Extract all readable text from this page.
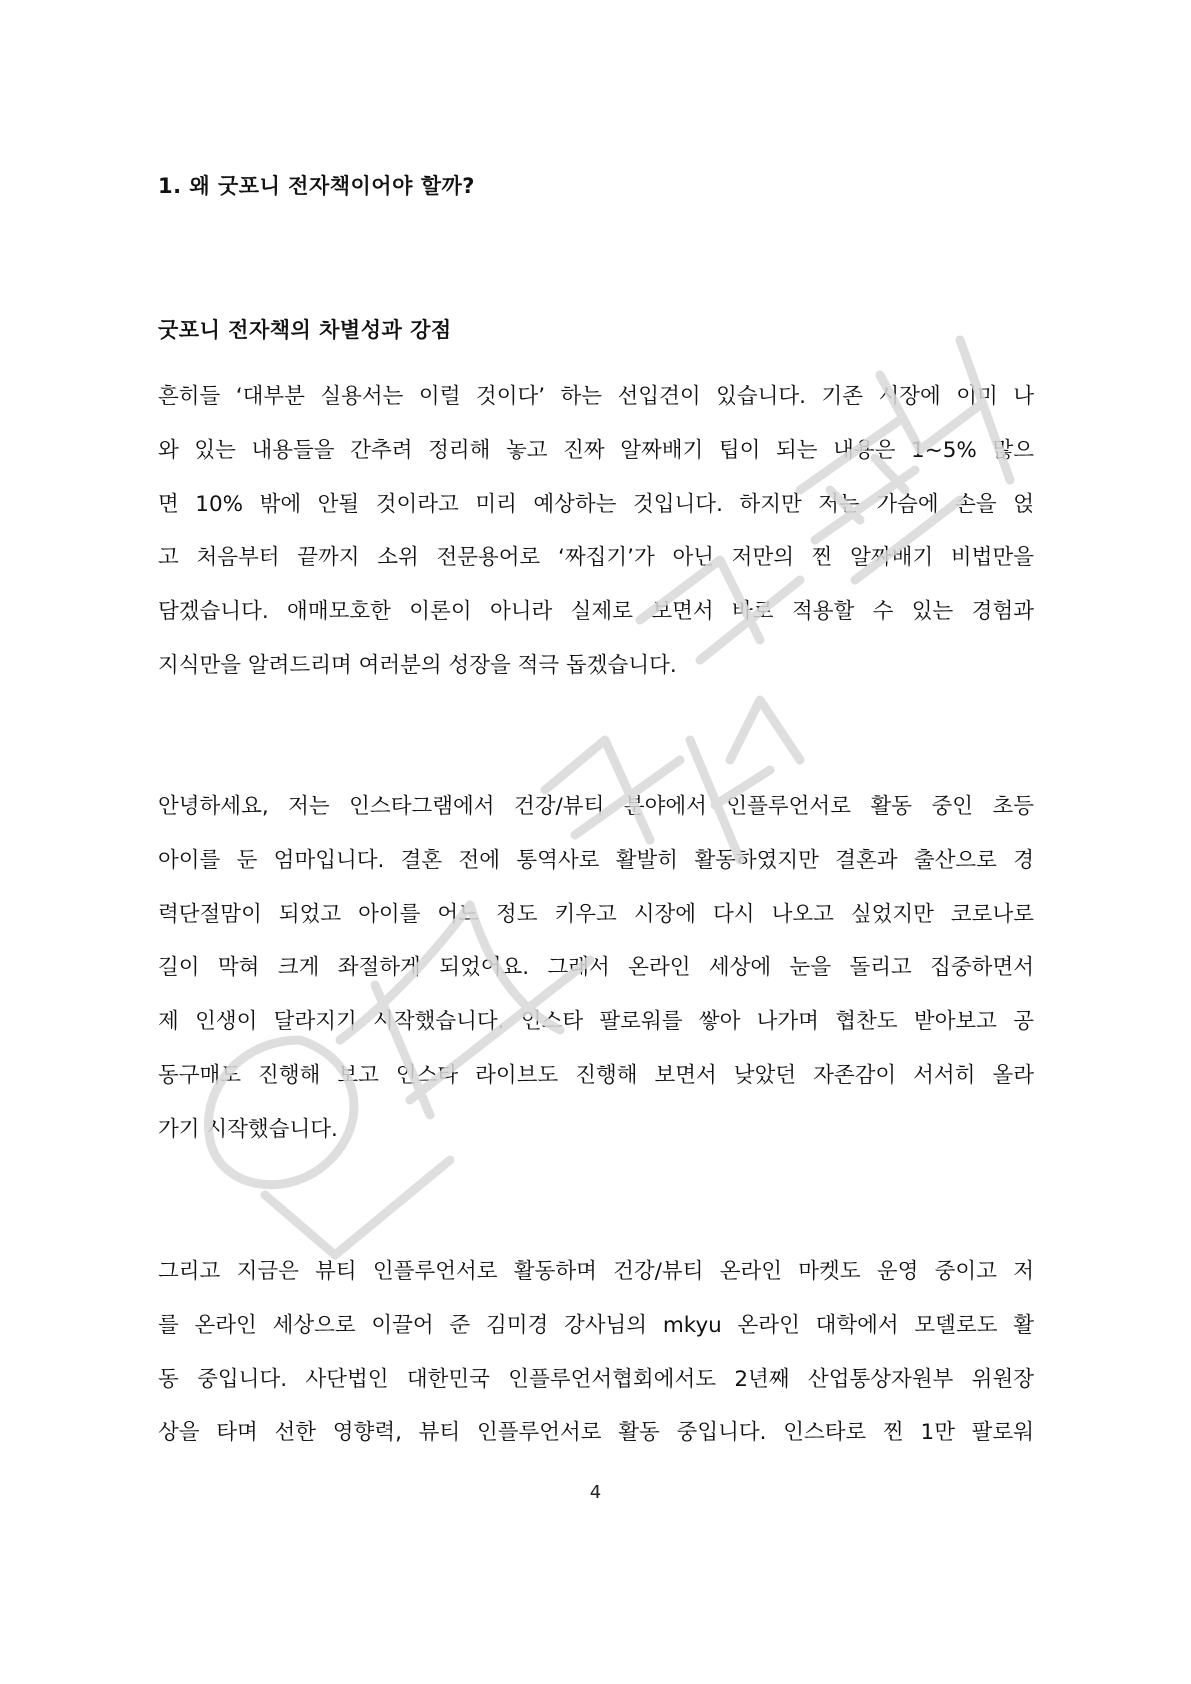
1. 왜 굿포니 전자책이어야 할까?
굿포니 전자책의 차별성과 강점
흔히들 ‘대부분 실용서는 이럴 것이다’ 하는 선입견이 있습니다. 기존 시장에 이미 나
와 있는 내용들을 간추려 정리해 놓고 진짜 알짜배기 팁이 되는 내용은 1~5% 많으
면 10% 밖에 안될 것이라고 미리 예상하는 것입니다. 하지만 저는 가슴에 손을 얹
고 처음부터 끝까지 소위 전문용어로 ‘짜집기’가 아닌 저만의 찐 알짜배기 비법만을
담겠습니다. 애매모호한 이론이 아니라 실제로 보면서 바로 적용할 수 있는 경험과
지식만을 알려드리며 여러분의 성장을 적극 돕겠습니다.
안녕하세요, 저는 인스타그램에서 건강/뷰티 분야에서 인플루언서로 활동 중인 초등
아이를 둔 엄마입니다. 결혼 전에 통역사로 활발히 활동하였지만 결혼과 출산으로 경
력단절맘이 되었고 아이를 어느 정도 키우고 시장에 다시 나오고 싶었지만 코로나로
길이 막혀 크게 좌절하게 되었어요. 그래서 온라인 세상에 눈을 돌리고 집중하면서
제 인생이 달라지기 시작했습니다. 인스타 팔로워를 쌓아 나가며 협찬도 받아보고 공
동구매도 진행해 보고 인스타 라이브도 진행해 보면서 낮았던 자존감이 서서히 올라
가기 시작했습니다.
그리고 지금은 뷰티 인플루언서로 활동하며 건강/뷰티 온라인 마켓도 운영 중이고 저
를 온라인 세상으로 이끌어 준 김미경 강사님의 mkyu 온라인 대학에서 모델로도 활
동 중입니다. 사단법인 대한민국 인플루언서협회에서도 2년째 산업통상자원부 위원장
상을 타며 선한 영향력, 뷰티 인플루언서로 활동 중입니다. 인스타로 찐 1만 팔로워
4
